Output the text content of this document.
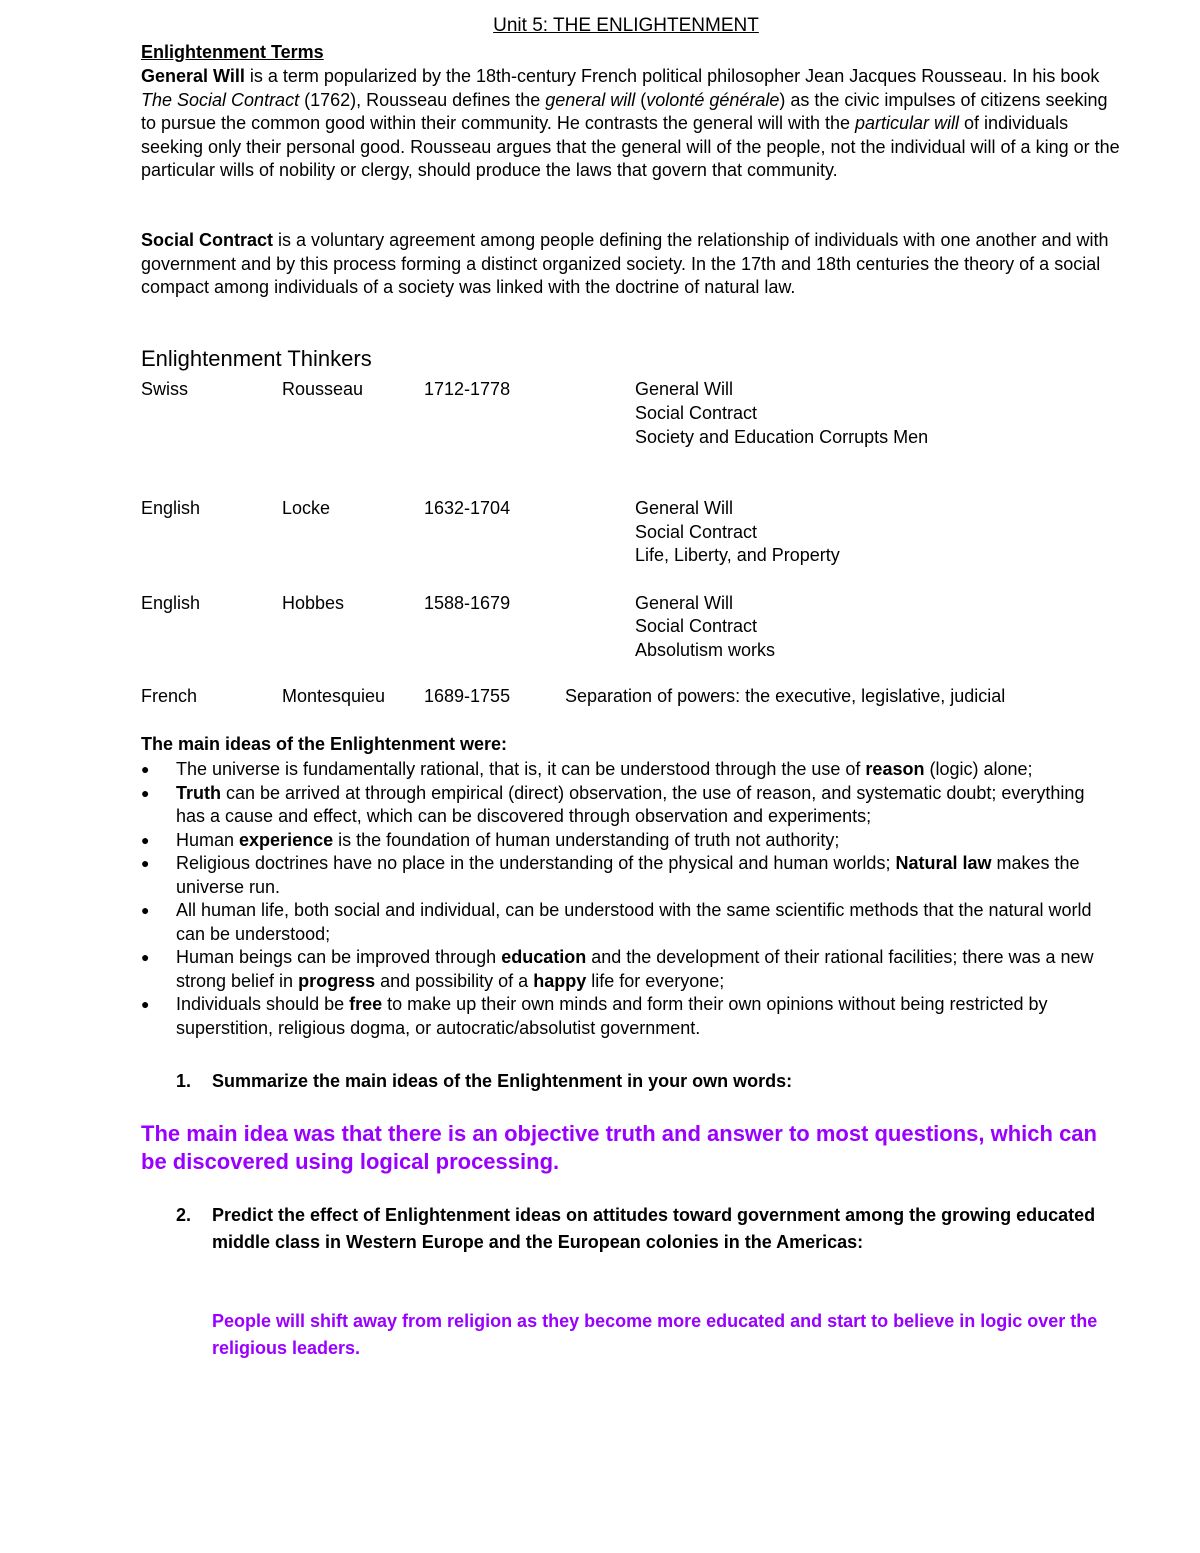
Unit 5: THE ENLIGHTENMENT
Enlightenment Terms
General Will is a term popularized by the 18th-century French political philosopher Jean Jacques Rousseau. In his book The Social Contract (1762), Rousseau defines the general will (volonté générale) as the civic impulses of citizens seeking to pursue the common good within their community. He contrasts the general will with the particular will of individuals seeking only their personal good. Rousseau argues that the general will of the people, not the individual will of a king or the particular wills of nobility or clergy, should produce the laws that govern that community.
Social Contract is a voluntary agreement among people defining the relationship of individuals with one another and with government and by this process forming a distinct organized society. In the 17th and 18th centuries the theory of a social compact among individuals of a society was linked with the doctrine of natural law.
Enlightenment Thinkers
Swiss	Rousseau	1712-1778	General Will
Social Contract
Society and Education Corrupts Men
English	Locke	1632-1704	General Will
Social Contract
Life, Liberty, and Property
English	Hobbes	1588-1679	General Will
Social Contract
Absolutism works
French	Montesquieu 1689-1755	Separation of powers: the executive, legislative, judicial
The main ideas of the Enlightenment were:
● The universe is fundamentally rational, that is, it can be understood through the use of reason (logic) alone;
● Truth can be arrived at through empirical (direct) observation, the use of reason, and systematic doubt; everything has a cause and effect, which can be discovered through observation and experiments;
● Human experience is the foundation of human understanding of truth not authority;
● Religious doctrines have no place in the understanding of the physical and human worlds; Natural law makes the universe run.
● All human life, both social and individual, can be understood with the same scientific methods that the natural world can be understood;
● Human beings can be improved through education and the development of their rational facilities; there was a new strong belief in progress and possibility of a happy life for everyone;
● Individuals should be free to make up their own minds and form their own opinions without being restricted by superstition, religious dogma, or autocratic/absolutist government.
1.	Summarize the main ideas of the Enlightenment in your own words:
The main idea was that there is an objective truth and answer to most questions, which can be discovered using logical processing.
2.	Predict the effect of Enlightenment ideas on attitudes toward government among the growing educated middle class in Western Europe and the European colonies in the Americas:
People will shift away from religion as they become more educated and start to believe in logic over the religious leaders.
